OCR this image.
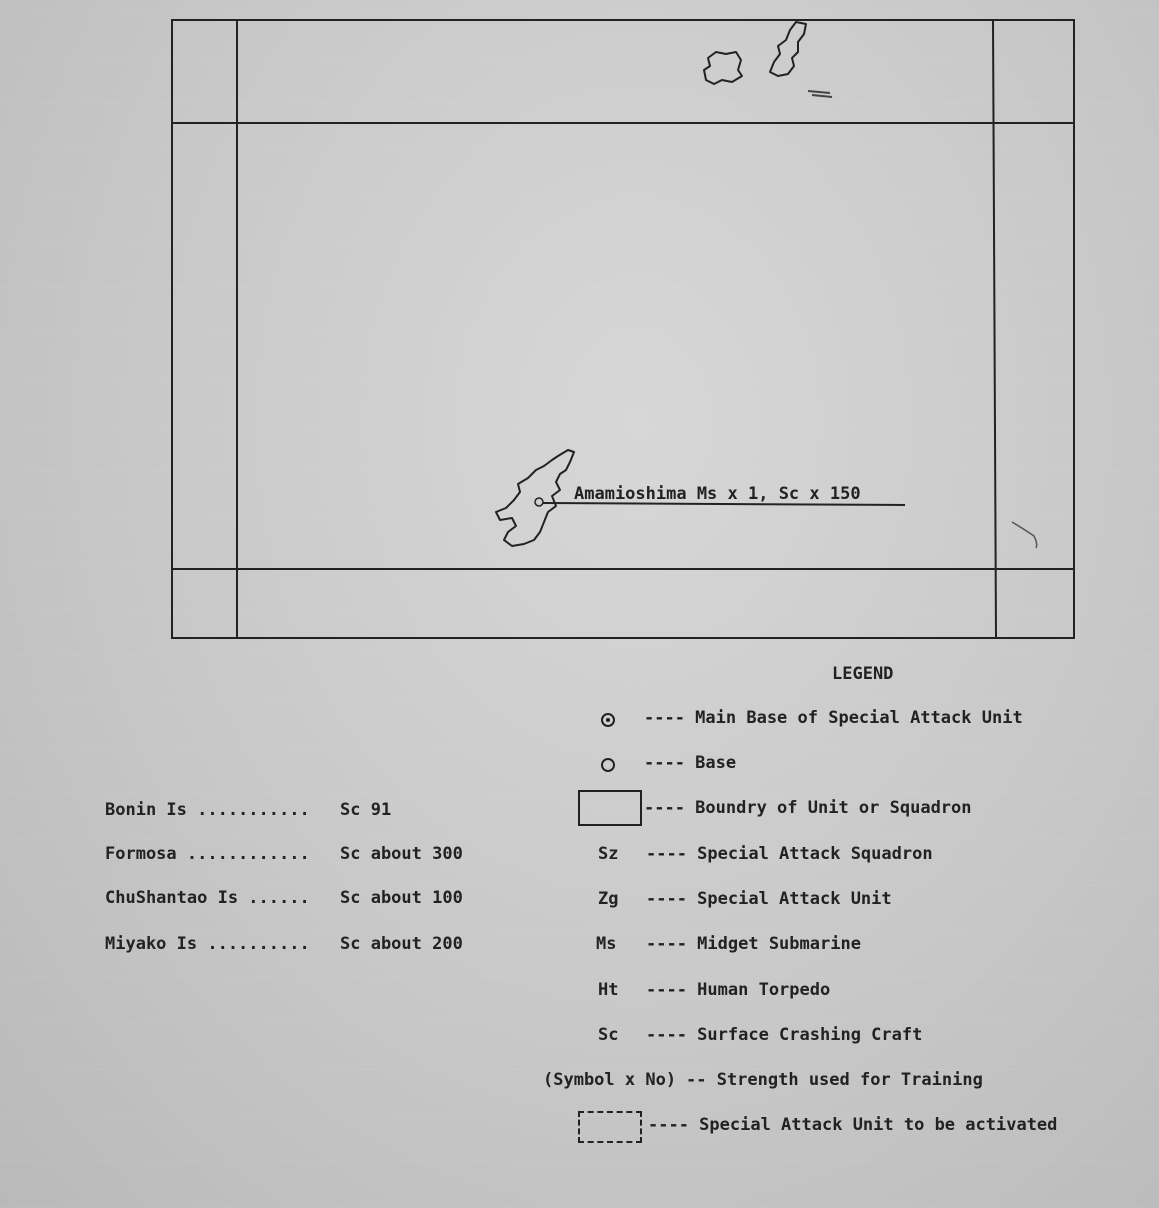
Amamioshima Ms x 1, Sc x 150
Bonin Is ........... Sc 91
Formosa ............ Sc about 300
ChuShantao Is ...... Sc about 100
Miyako Is .......... Sc about 200
LEGEND
---- Main Base of Special Attack Unit
---- Base
---- Boundry of Unit or Squadron
Sz ---- Special Attack Squadron
Zg ---- Special Attack Unit
Ms ---- Midget Submarine
Ht ---- Human Torpedo
Sc ---- Surface Crashing Craft
(Symbol x No) -- Strength used for Training
---- Special Attack Unit to be activated
